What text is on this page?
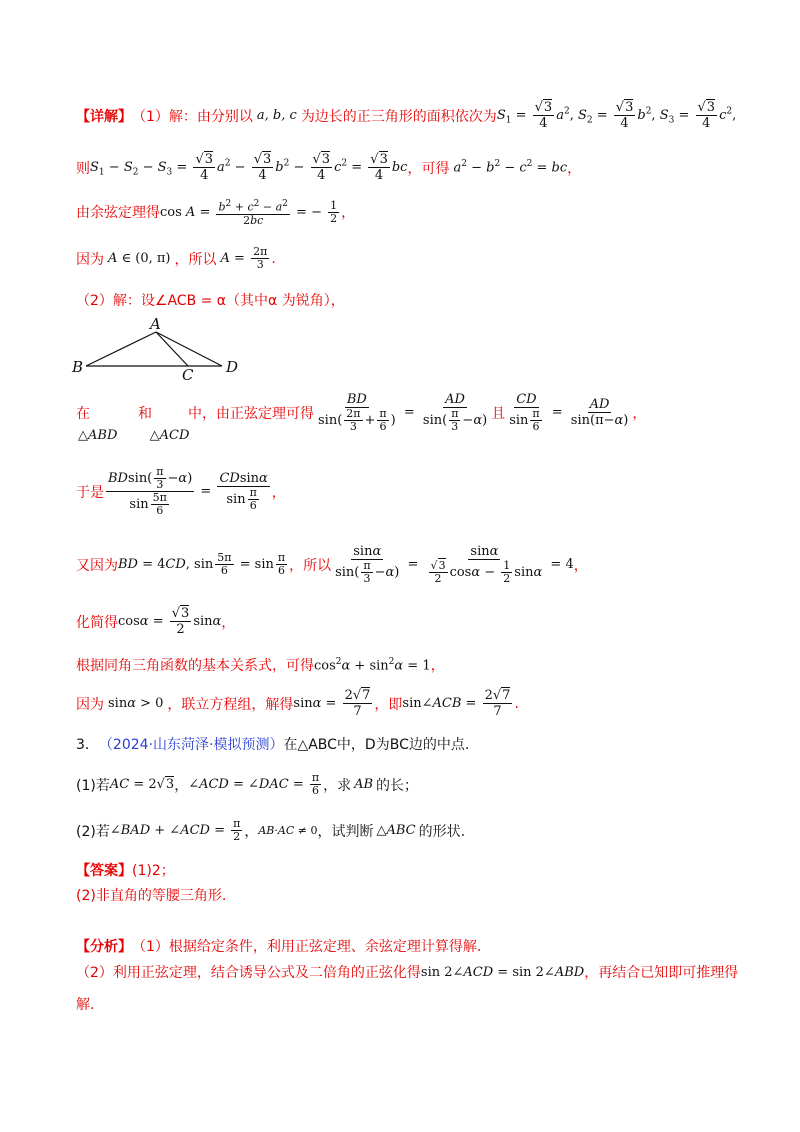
【详解】 （1）解：由分别以 a, b, c 为边长的正三角形的面积依次为 $S_1 = \frac{√3}{4} a^2$, $S_2 = \frac{√3}{4} b^2$, $S_3 = \frac{√3}{4} c^2$,
则 $S_1 - S_2 - S_3 = \frac{√3}{4} a^2 - \frac{√3}{4} b^2 - \frac{√3}{4} c^2 = \frac{√3}{4}$ bc ，可得 $a^2 - b^2 - c^2$ = bc ，
由余弦定理得 $\cos A = \frac{b^2 + c^2 - a^2}{2bc}$ = − $\frac{1}{2}$ ，
因为 A ∈ (0, π) ，所以 $A = \frac{2\pi}{3}$ .
（2）解：设∠ACB = α（其中α 为锐角），
A
B	C D
在	和	中，由正弦定理可得 $\frac{BD}{\sin( \frac{2\pi}{3} + \frac{\pi}{6} )} = \frac{AD}{\sin( \frac{\pi}{3} -\alpha)}$ 且 $\frac{CD}{\sin \frac{\pi}{6}} = \frac{AD}{\sin(\pi-\alpha)}$ ，
△ABD △ACD
于是 $\frac{BDsin( \frac{\pi}{3} -\alpha)}{\sin \frac{5\pi}{6}} = \frac{CDsin\alpha}{\sin \frac{\pi}{6}}$ ，
又因为 BD = 4CD, $\sin \frac{5\pi}{6} = \sin \frac{\pi}{6}$ ，所以 $\frac{\sin\alpha}{\sin( \frac{\pi}{3} -\alpha)} = \frac{\sin\alpha}{\frac{√3}{2} \cos\alpha - \frac{1}{2} \sin\alpha} = 4$ ，
化简得 $\cos\alpha = \frac{√3}{2}$ sinα ，
根据同角三角函数的基本关系式，可得 $\cos^2\alpha + \sin^2\alpha = 1$ ，
因为 sinα > 0 ，联立方程组，解得 $\sin\alpha = \frac{2√7}{7}$ ，即 sin∠ACB = $\frac{2√7}{7}$ .
3． （2024·山东菏泽·模拟预测） 在△ABC中，D为BC边的中点.
(1)若 AC = 2√3 ， ∠ACD = ∠DAC = $\frac{\pi}{6}$ ，求 AB 的长；
(2)若 ∠BAD + ∠ACD = $\frac{\pi}{2}$ ， AB·AC ≠ 0 ，试判断 △ABC 的形状.
【答案】 (1)2；
(2)非直角的等腰三角形.
【分析】 （1）根据给定条件，利用正弦定理、余弦定理计算得解.
（2）利用正弦定理，结合诱导公式及二倍角的正弦化得 sin 2∠ACD = sin 2∠ABD ，再结合已知即可推理得
解.
